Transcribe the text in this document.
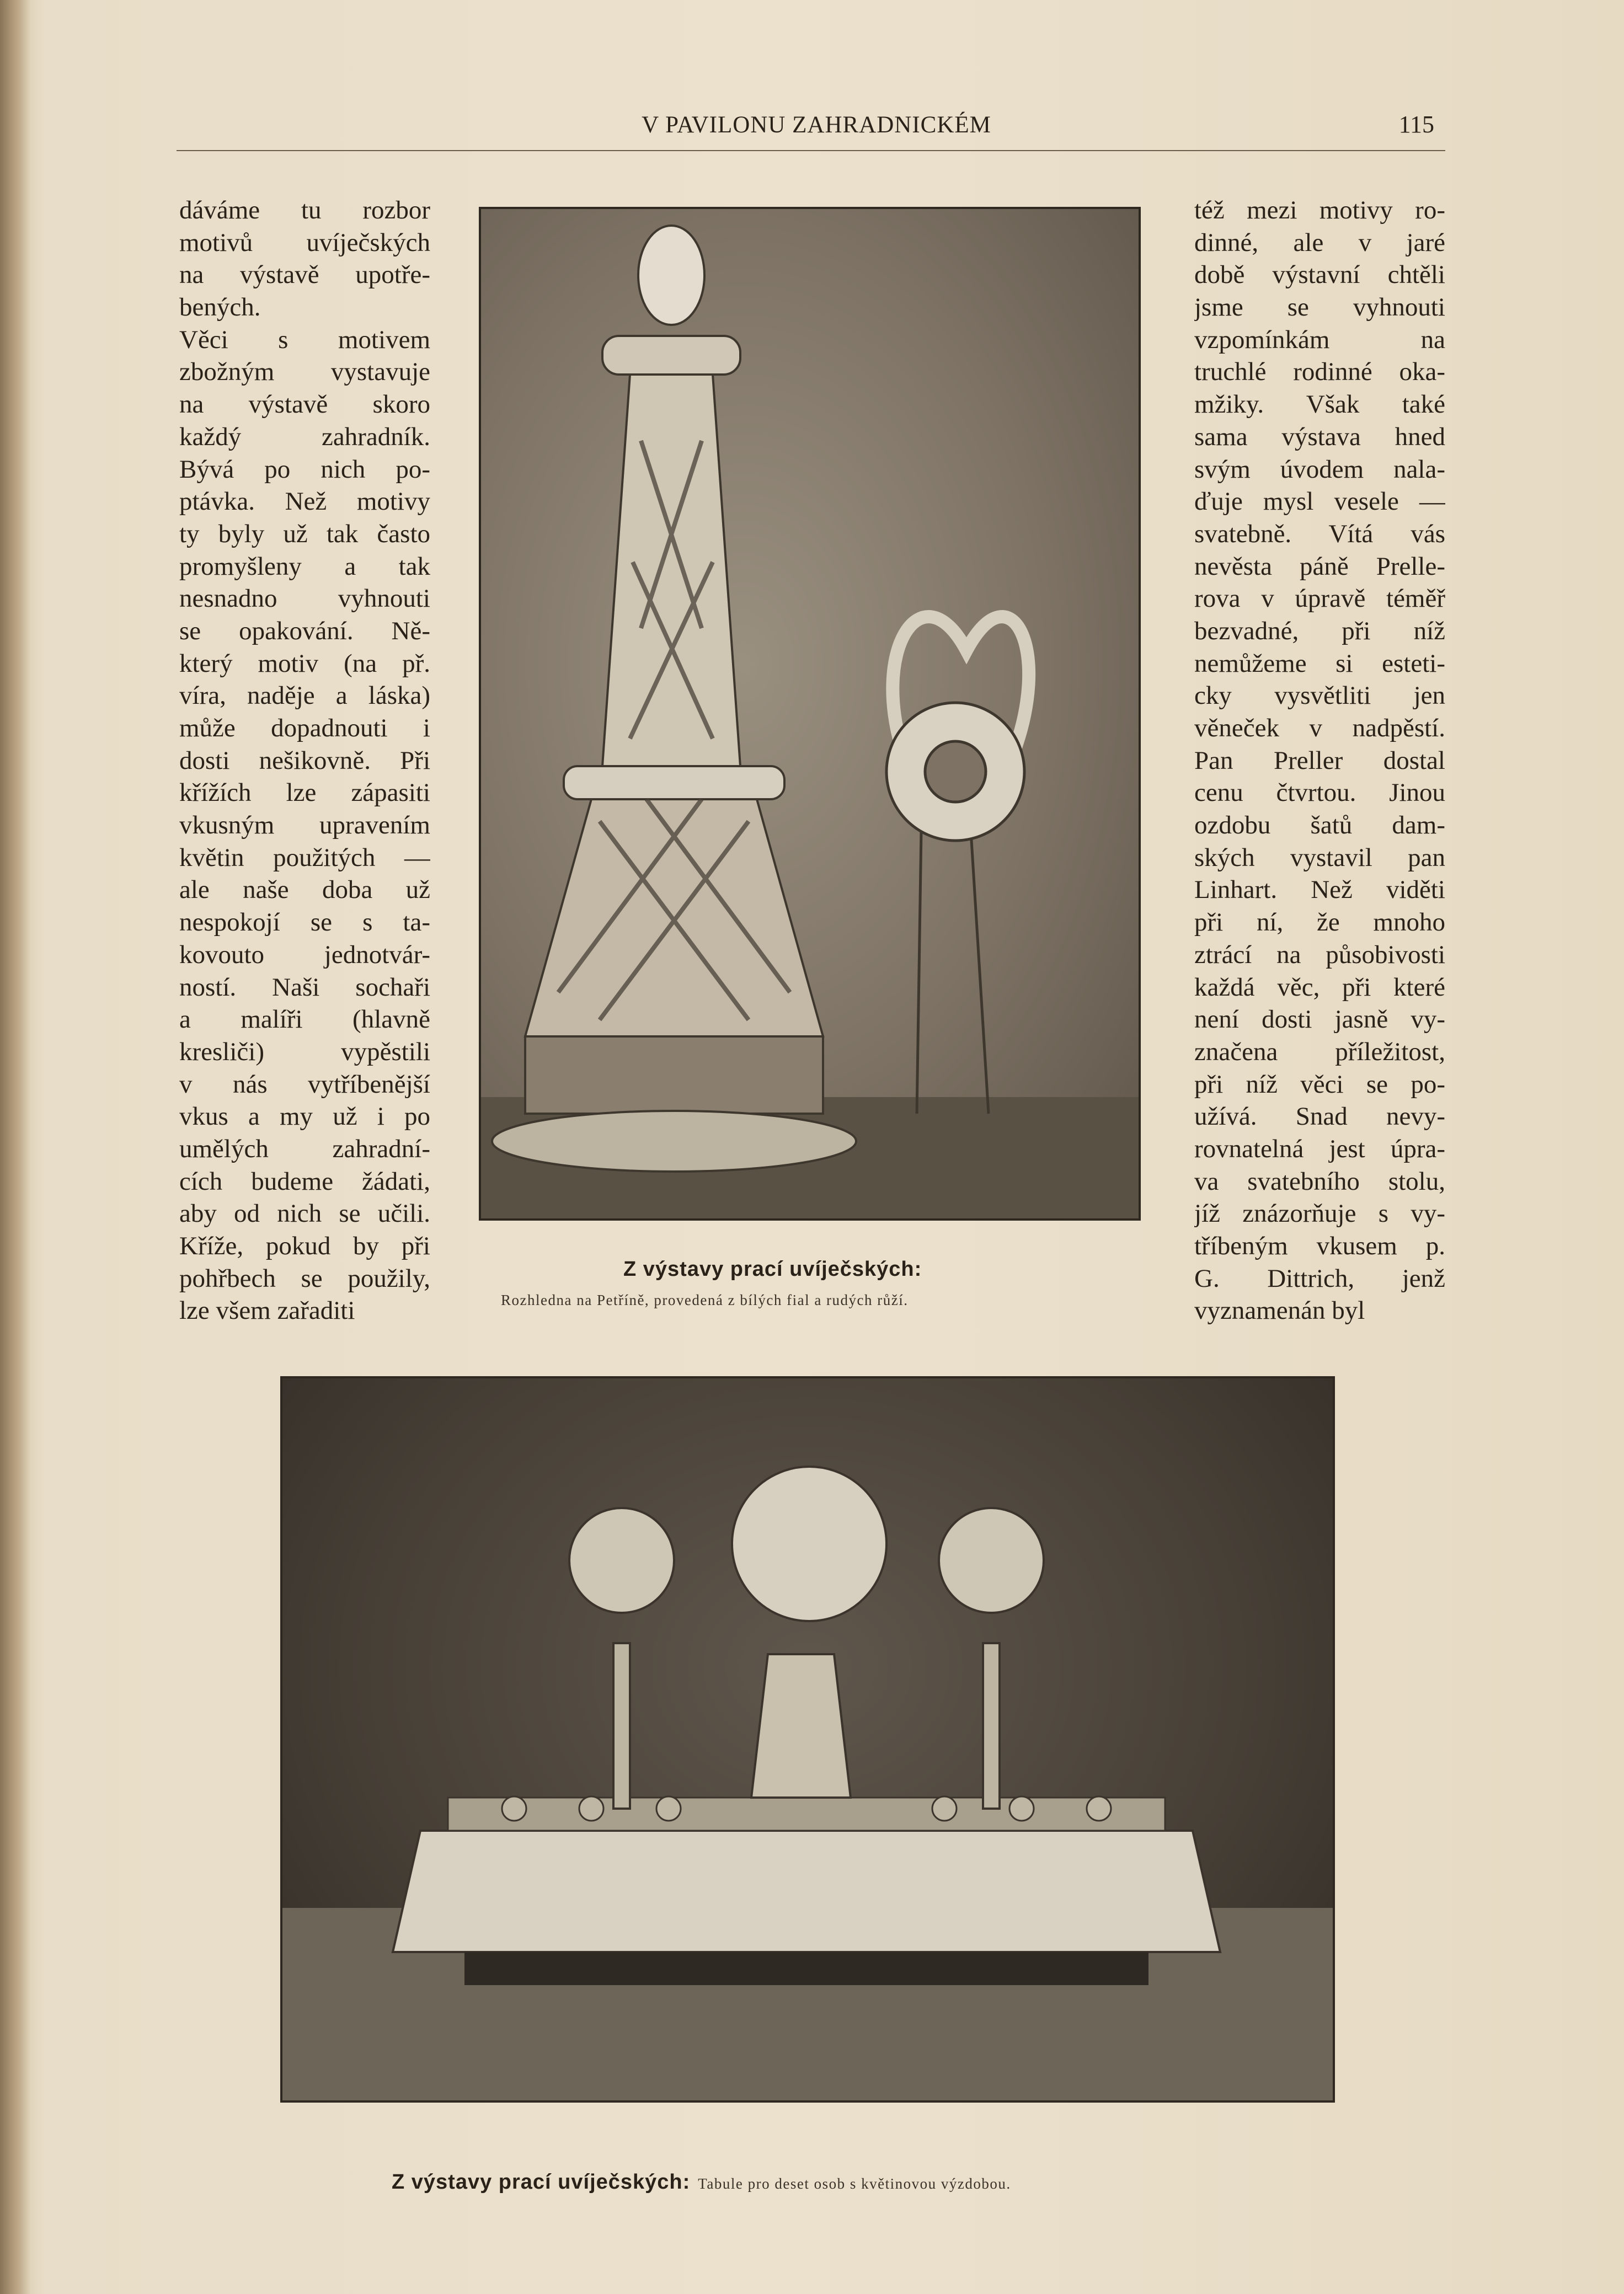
V PAVILONU ZAHRADNICKÉM	115
dáváme tu rozbor
motivů uvíječských
na výstavě upotře-
bených.
Věci s motivem
zbožným vystavuje
na výstavě skoro
každý zahradník.
Bývá po nich po-
ptávka. Než motivy
ty byly už tak často
promyšleny a tak
nesnadno vyhnouti
se opakování. Ně-
který motiv (na př.
víra, naděje a láska)
může dopadnouti i
dosti nešikovně. Při
křížích lze zápasiti
vkusným upravením
květin použitých —
ale naše doba už
nespokojí se s ta-
kovouto jednotvár-
ností. Naši sochaři
a malíři (hlavně
kresliči) vypěstili
v nás vytříbenější
vkus a my už i po
umělých zahradní-
cích budeme žádati,
aby od nich se učili.
Kříže, pokud by při
pohřbech se použily,
lze všem zařaditi
též mezi motivy ro-
dinné, ale v jaré
době výstavní chtěli
jsme se vyhnouti
vzpomínkám na
truchlé rodinné oka-
mžiky. Však také
sama výstava hned
svým úvodem nala-
ďuje mysl vesele —
svatebně. Vítá vás
nevěsta páně Prelle-
rova v úpravě téměř
bezvadné, při níž
nemůžeme si esteti-
cky vysvětliti jen
věneček v nadpěstí.
Pan Preller dostal
cenu čtvrtou. Jinou
ozdobu šatů dam-
ských vystavil pan
Linhart. Než viděti
při ní, že mnoho
ztrácí na působivosti
každá věc, při které
není dosti jasně vy-
značena příležitost,
při níž věci se po-
užívá. Snad nevy-
rovnatelná jest úpra-
va svatebního stolu,
jíž znázorňuje s vy-
tříbeným vkusem p.
G. Dittrich, jenž
vyznamenán byl
Z výstavy prací uvíječských:
Rozhledna na Petříně, provedená z bílých fial a rudých růží.
Z výstavy prací uvíječských: Tabule pro deset osob s květinovou výzdobou.
